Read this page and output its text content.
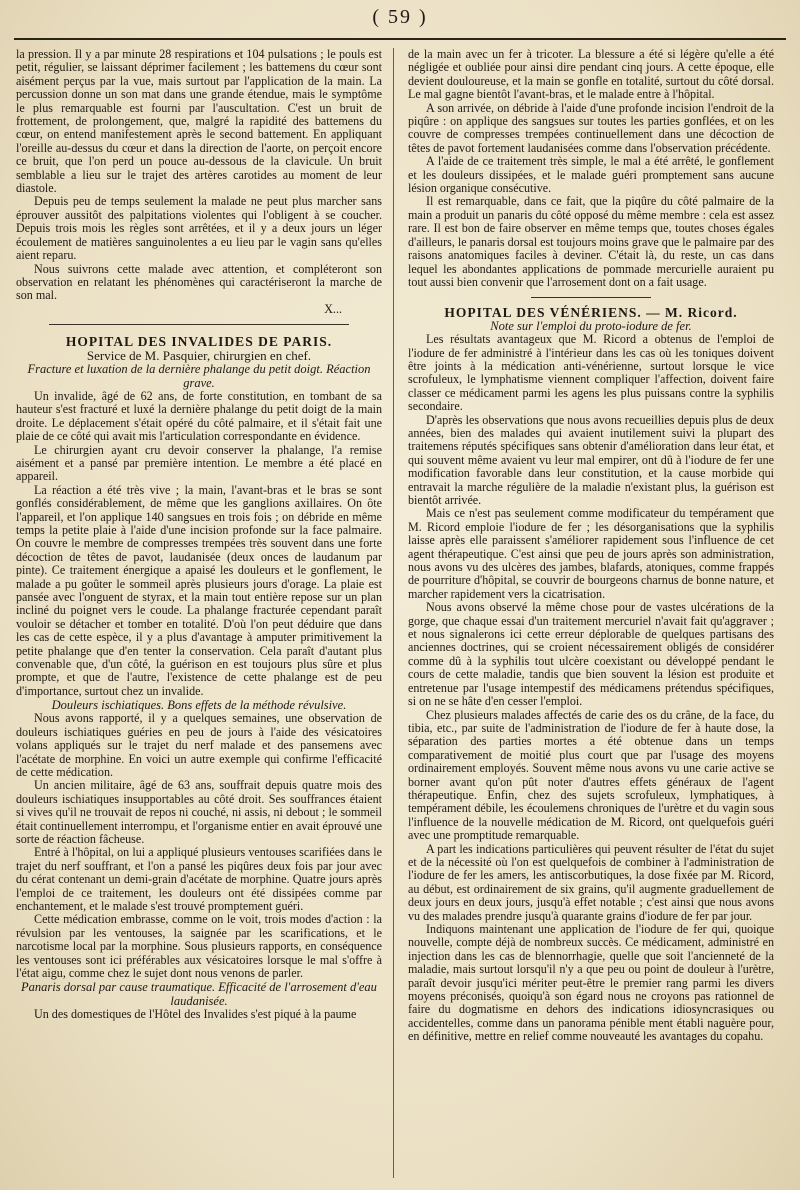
( 59 )

la pression. Il y a par minute 28 respirations et 104 pulsations ; le pouls est petit, régulier, se laissant déprimer facilement ; les battemens du cœur sont aisément perçus par la vue, mais surtout par l'application de la main. La percussion donne un son mat dans une grande étendue, mais le symptôme le plus remarquable est fourni par l'auscultation. C'est un bruit de frottement, de prolongement, que, malgré la rapidité des battemens du cœur, on entend manifestement après le second battement. En appliquant l'oreille au-dessus du cœur et dans la direction de l'aorte, on perçoit encore ce bruit, que l'on perd un pouce au-dessous de la clavicule. Un bruit semblable a lieu sur le trajet des artères carotides au moment de leur diastole.

Depuis peu de temps seulement la malade ne peut plus marcher sans éprouver aussitôt des palpitations violentes qui l'obligent à se coucher. Depuis trois mois les règles sont arrêtées, et il y a deux jours un léger écoulement de matières sanguinolentes a eu lieu par le vagin sans qu'elles aient reparu.

Nous suivrons cette malade avec attention, et compléteront son observation en relatant les phénomènes qui caractériseront la marche de son mal.

X...

HOPITAL DES INVALIDES DE PARIS.

Service de M. Pasquier, chirurgien en chef.

Fracture et luxation de la dernière phalange du petit doigt. Réaction grave.

Un invalide, âgé de 62 ans, de forte constitution, en tombant de sa hauteur s'est fracturé et luxé la dernière phalange du petit doigt de la main droite. Le déplacement s'était opéré du côté palmaire, et il s'était fait une plaie de ce côté qui avait mis l'articulation correspondante en évidence.

Le chirurgien ayant cru devoir conserver la phalange, l'a remise aisément et a pansé par première intention. Le membre a été placé en appareil.

La réaction a été très vive ; la main, l'avant-bras et le bras se sont gonflés considérablement, de même que les ganglions axillaires. On ôte l'appareil, et l'on applique 140 sangsues en trois fois ; on débride en même temps la petite plaie à l'aide d'une incision profonde sur la face palmaire. On couvre le membre de compresses trempées très souvent dans une forte décoction de têtes de pavot, laudanisée (deux onces de laudanum par pinte). Ce traitement énergique a apaisé les douleurs et le gonflement, le malade a pu goûter le sommeil après plusieurs jours d'orage. La plaie est pansée avec l'onguent de styrax, et la main tout entière repose sur un plan incliné du poignet vers le coude. La phalange fracturée cependant paraît vouloir se détacher et tomber en totalité. D'où l'on peut déduire que dans les cas de cette espèce, il y a plus d'avantage à amputer primitivement la petite phalange que d'en tenter la conservation. Cela paraît d'autant plus convenable que, d'un côté, la guérison en est toujours plus sûre et plus prompte, et que de l'autre, l'existence de cette phalange est de peu d'importance, surtout chez un invalide.

Douleurs ischiatiques. Bons effets de la méthode révulsive.

Nous avons rapporté, il y a quelques semaines, une observation de douleurs ischiatiques guéries en peu de jours à l'aide des vésicatoires volans appliqués sur le trajet du nerf malade et des pansemens avec l'acétate de morphine. En voici un autre exemple qui confirme l'efficacité de cette médication.

Un ancien militaire, âgé de 63 ans, souffrait depuis quatre mois des douleurs ischiatiques insupportables au côté droit. Ses souffrances étaient si vives qu'il ne trouvait de repos ni couché, ni assis, ni debout ; le sommeil était continuellement interrompu, et l'organisme entier en avait éprouvé une sorte de réaction fâcheuse.

Entré à l'hôpital, on lui a appliqué plusieurs ventouses scarifiées dans le trajet du nerf souffrant, et l'on a pansé les piqûres deux fois par jour avec du cérat contenant un demi-grain d'acétate de morphine. Quatre jours après l'emploi de ce traitement, les douleurs ont été dissipées comme par enchantement, et le malade s'est trouvé promptement guéri.

Cette médication embrasse, comme on le voit, trois modes d'action : la révulsion par les ventouses, la saignée par les scarifications, et le narcotisme local par la morphine. Sous plusieurs rapports, en conséquence les ventouses sont ici préférables aux vésicatoires lorsque le mal s'offre à l'état aigu, comme chez le sujet dont nous venons de parler.

Panaris dorsal par cause traumatique. Efficacité de l'arrosement d'eau laudanisée.

Un des domestiques de l'Hôtel des Invalides s'est piqué à la paume

de la main avec un fer à tricoter. La blessure a été si légère qu'elle a été négligée et oubliée pour ainsi dire pendant cinq jours. A cette époque, elle devient douloureuse, et la main se gonfle en totalité, surtout du côté dorsal. Le mal gagne bientôt l'avant-bras, et le malade entre à l'hôpital.

A son arrivée, on débride à l'aide d'une profonde incision l'endroit de la piqûre : on applique des sangsues sur toutes les parties gonflées, et on les couvre de compresses trempées continuellement dans une décoction de têtes de pavot fortement laudanisées comme dans l'observation précédente.

A l'aide de ce traitement très simple, le mal a été arrêté, le gonflement et les douleurs dissipées, et le malade guéri promptement sans aucune lésion organique consécutive.

Il est remarquable, dans ce fait, que la piqûre du côté palmaire de la main a produit un panaris du côté opposé du même membre : cela est assez rare. Il est bon de faire observer en même temps que, toutes choses égales d'ailleurs, le panaris dorsal est toujours moins grave que le palmaire par des raisons anatomiques faciles à deviner. C'était là, du reste, un cas dans lequel les abondantes applications de pommade mercurielle auraient pu tout aussi bien convenir que l'arrosement dont on a fait usage.

HOPITAL DES VÉNÉRIENS. — M. Ricord.

Note sur l'emploi du proto-iodure de fer.

Les résultats avantageux que M. Ricord a obtenus de l'emploi de l'iodure de fer administré à l'intérieur dans les cas où les toniques doivent être joints à la médication anti-vénérienne, surtout lorsque le vice scrofuleux, le lymphatisme viennent compliquer l'affection, doivent faire classer ce médicament parmi les agens les plus puissans contre la syphilis secondaire.

D'après les observations que nous avons recueillies depuis plus de deux années, bien des malades qui avaient inutilement suivi la plupart des traitemens réputés spécifiques sans obtenir d'amélioration dans leur état, et qui souvent même avaient vu leur mal empirer, ont dû à l'iodure de fer une modification favorable dans leur constitution, et la cause morbide qui entravait la marche régulière de la maladie n'existant plus, la guérison est bientôt arrivée.

Mais ce n'est pas seulement comme modificateur du tempérament que M. Ricord emploie l'iodure de fer ; les désorganisations que la syphilis laisse après elle paraissent s'améliorer rapidement sous l'influence de cet agent thérapeutique. C'est ainsi que peu de jours après son administration, nous avons vu des ulcères des jambes, blafards, atoniques, comme frappés de pourriture d'hôpital, se couvrir de bourgeons charnus de bonne nature, et marcher rapidement vers la cicatrisation.

Nous avons observé la même chose pour de vastes ulcérations de la gorge, que chaque essai d'un traitement mercuriel n'avait fait qu'aggraver ; et nous signalerons ici cette erreur déplorable de quelques partisans des anciennes doctrines, qui se croient nécessairement obligés de considérer comme dû à la syphilis tout ulcère coexistant ou développé pendant le cours de cette maladie, tandis que bien souvent la lésion est produite et entretenue par l'usage intempestif des médicamens prétendus spécifiques, si on ne se hâte d'en cesser l'emploi.

Chez plusieurs malades affectés de carie des os du crâne, de la face, du tibia, etc., par suite de l'administration de l'iodure de fer à haute dose, la séparation des parties mortes a été obtenue dans un temps comparativement de moitié plus court que par l'usage des moyens ordinairement employés. Souvent même nous avons vu une carie active se borner avant qu'on pût noter d'autres effets généraux de l'agent thérapeutique. Enfin, chez des sujets scrofuleux, lymphatiques, à tempérament débile, les écoulemens chroniques de l'urètre et du vagin sous l'influence de la nouvelle médication de M. Ricord, ont quelquefois guéri avec une promptitude remarquable.

A part les indications particulières qui peuvent résulter de l'état du sujet et de la nécessité où l'on est quelquefois de combiner à l'administration de l'iodure de fer les amers, les antiscorbutiques, la dose fixée par M. Ricord, au début, est ordinairement de six grains, qu'il augmente graduellement de deux jours en deux jours, jusqu'à effet notable ; c'est ainsi que nous avons vu des malades prendre jusqu'à quarante grains d'iodure de fer par jour.

Indiquons maintenant une application de l'iodure de fer qui, quoique nouvelle, compte déjà de nombreux succès. Ce médicament, administré en injection dans les cas de blennorrhagie, quelle que soit l'ancienneté de la maladie, mais surtout lorsqu'il n'y a que peu ou point de douleur à l'urètre, paraît devoir jusqu'ici mériter peut-être le premier rang parmi les divers moyens préconisés, quoiqu'à son égard nous ne croyons pas rationnel de faire du dogmatisme en dehors des indications idiosyncrasiques ou accidentelles, comme dans un panorama pénible ment établi naguère pour, en définitive, mettre en relief comme nouveauté les avantages du copahu.
